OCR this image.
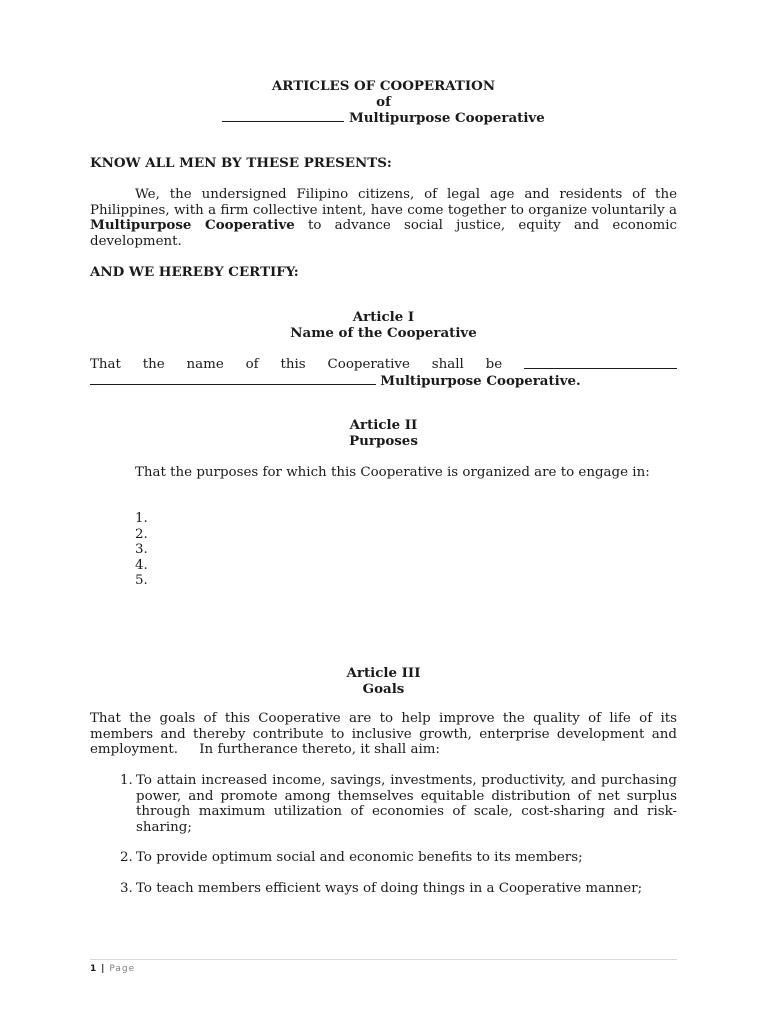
ARTICLES OF COOPERATION
of
Multipurpose Cooperative
KNOW ALL MEN BY THESE PRESENTS:

We, the undersigned Filipino citizens, of legal age and residents of the Philippines, with a firm collective intent, have come together to organize voluntarily a Multipurpose Cooperative to advance social justice, equity and economic development.

AND WE HEREBY CERTIFY:
Article I
Name of the Cooperative
That the name of this Cooperative shall be
Multipurpose Cooperative.
Article II
Purposes

That the purposes for which this Cooperative is organized are to engage in:

1.
2.
3.
4.
5.
Article III
Goals

That the goals of this Cooperative are to help improve the quality of life of its members and thereby contribute to inclusive growth, enterprise development and employment.     In furtherance thereto, it shall aim:

1. To attain increased income, savings, investments, productivity, and purchasing power, and promote among themselves equitable distribution of net surplus through maximum utilization of economies of scale, cost-sharing and risk-sharing;
2. To provide optimum social and economic benefits to its members;
3. To teach members efficient ways of doing things in a Cooperative manner;
1 | Page
